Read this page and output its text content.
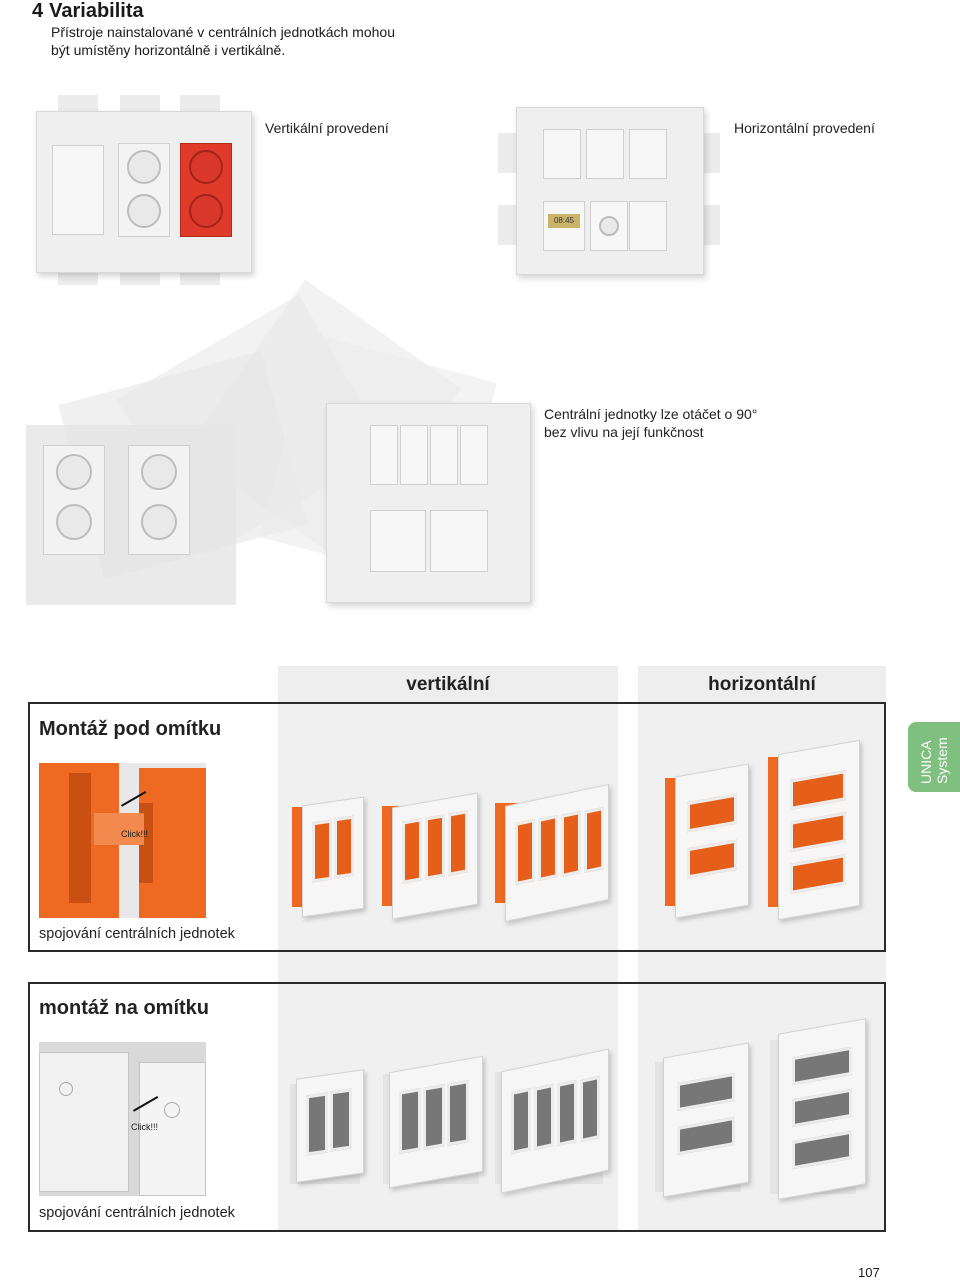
4 Variabilita
Přístroje nainstalované v centrálních jednotkách mohou být umístěny horizontálně i vertikálně.
Vertikální provedení
08:45
Horizontální provedení
Centrální jednotky lze otáčet o 90°
bez vlivu na její funkčnost
vertikální	horizontální
Montáž pod omítku
Click!!!
spojování centrálních jednotek
montáž na omítku
Click!!!
spojování centrálních jednotek
UNICA System
107
